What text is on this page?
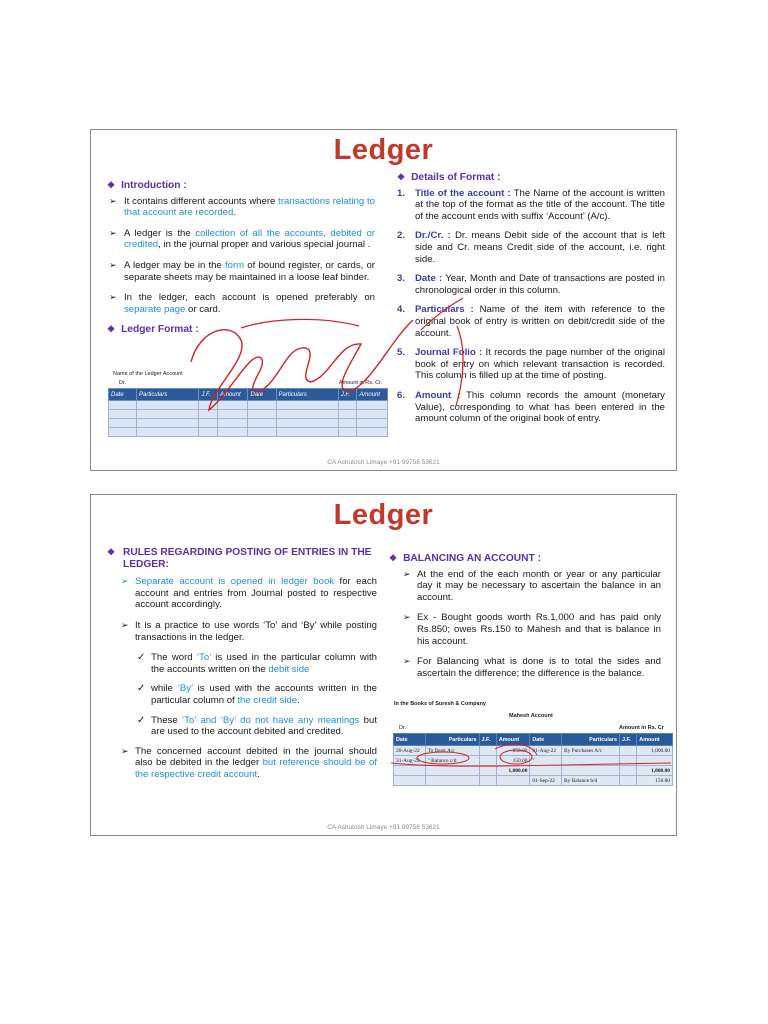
Ledger
❖ Introduction :
➢ It contains different accounts where transactions relating to that account are recorded.
➢ A ledger is the collection of all the accounts, debited or credited, in the journal proper and various special journal .
➢ A ledger may be in the form of bound register, or cards, or separate sheets may be maintained in a loose leaf binder.
➢ In the ledger, each account is opened preferably on separate page or card.
❖ Ledger Format :
Name of the Ledger Account
Dr.	Amount in Rs. Cr.
Date	Particulars	J.F.	Amount	Date	Particulars	J.F.	Amount

❖ Details of Format :
1. Title of the account : The Name of the account is written at the top of the format as the title of the account. The title of the account ends with suffix ‘Account’ (A/c).
2. Dr./Cr. : Dr. means Debit side of the account that is left side and Cr. means Credit side of the account, i.e. right side.
3. Date : Year, Month and Date of transactions are posted in chronological order in this column.
4. Particulars : Name of the item with reference to the original book of entry is written on debit/credit side of the account.
5. Journal Folio : It records the page number of the original book of entry on which relevant transaction is recorded. This column is filled up at the time of posting.
6. Amount : This column records the amount (monetary Value), corresponding to what has been entered in the amount column of the original book of entry.
CA Ashutosh Limaye +91 99758 53621
Ledger
❖ RULES REGARDING POSTING OF ENTRIES IN THE LEDGER:
➢ Separate account is opened in ledger book for each account and entries from Journal posted to respective account accordingly.
➢ It is a practice to use words ‘To’ and ‘By’ while posting transactions in the ledger.
✓ The word ‘To’ is used in the particular column with the accounts written on the debit side
✓ while ‘By’ is used with the accounts written in the particular column of the credit side.
✓ These ‘To’ and ‘By’ do not have any meanings but are used to the account debited and credited.
➢ The concerned account debited in the journal should also be debited in the ledger but reference should be of the respective credit account.
❖ BALANCING AN ACCOUNT :
➢ At the end of the each month or year or any particular day it may be necessary to ascertain the balance in an account.
➢ Ex - Bought goods worth Rs.1,000 and has paid only Rs.850; owes Rs.150 to Mahesh and that is balance in his account.
➢ For Balancing what is done is to total the sides and ascertain the difference; the difference is the balance.
In the Books of Suresh & Company
Mahesh Account
Dr.	Amount in Rs. Cr
Date	Particulars	J.F.	Amount	Date	Particulars	J.F.	Amount
20-Aug-22	To Bank A/c		850.00	01-Aug-22	By Purchases A/c		1,000.00
31-Aug-22	" Balance c/d		150.00	"			
			1,000.00				1,000.00
				01-Sep-22	By Balance b/d		150.00
CA Ashutosh Limaye +91 99758 53621
